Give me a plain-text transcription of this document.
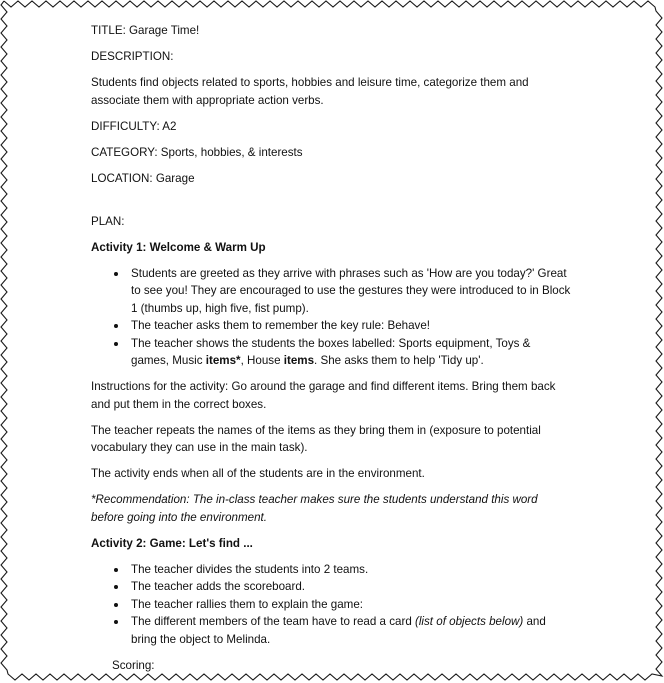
TITLE: Garage Time!

DESCRIPTION:

Students find objects related to sports, hobbies and leisure time, categorize them and associate them with appropriate action verbs.

DIFFICULTY: A2

CATEGORY: Sports, hobbies, & interests

LOCATION: Garage

PLAN:

Activity 1: Welcome & Warm Up

Students are greeted as they arrive with phrases such as 'How are you today?' Great to see you! They are encouraged to use the gestures they were introduced to in Block 1 (thumbs up, high five, fist pump).
The teacher asks them to remember the key rule: Behave!
The teacher shows the students the boxes labelled: Sports equipment, Toys & games, Music items*, House items. She asks them to help 'Tidy up'.

Instructions for the activity: Go around the garage and find different items. Bring them back and put them in the correct boxes.

The teacher repeats the names of the items as they bring them in (exposure to potential vocabulary they can use in the main task).

The activity ends when all of the students are in the environment.

*Recommendation: The in-class teacher makes sure the students understand this word before going into the environment.

Activity 2: Game: Let's find ...

The teacher divides the students into 2 teams.
The teacher adds the scoreboard.
The teacher rallies them to explain the game:
The different members of the team have to read a card (list of objects below) and bring the object to Melinda.

Scoring:
